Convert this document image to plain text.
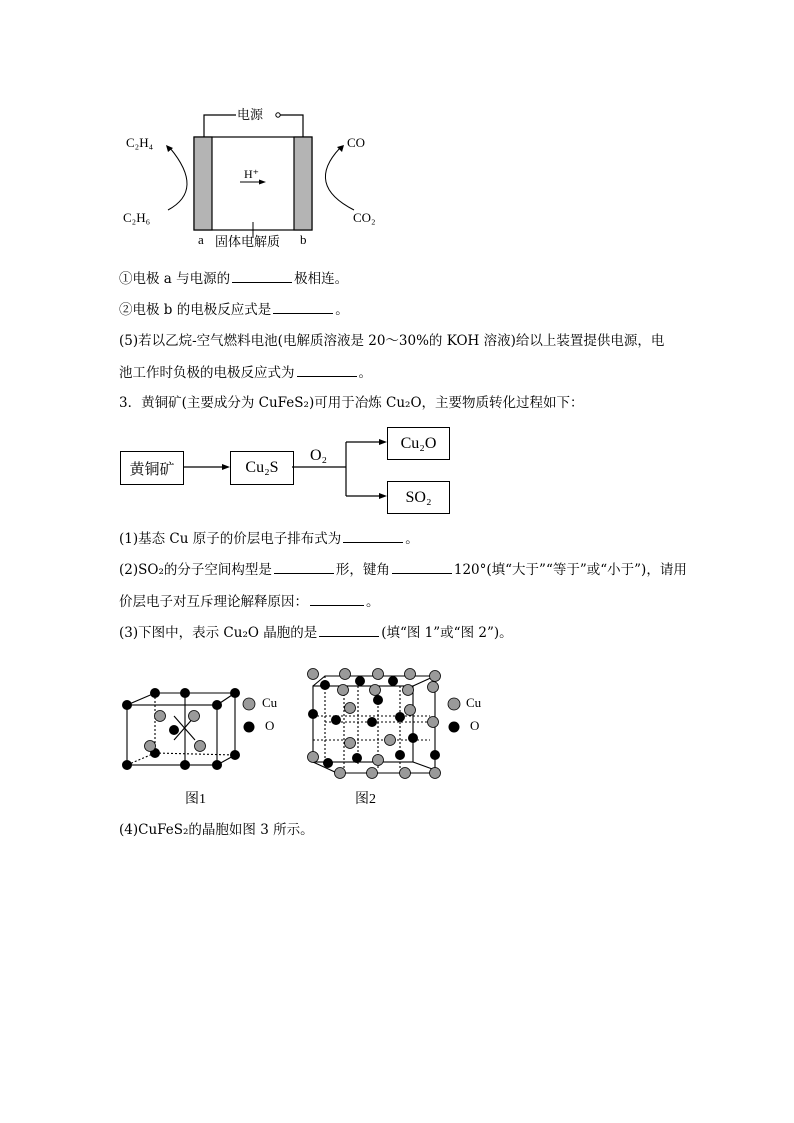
电源
C₂H₄
C₂H₆
CO
CO₂
H⁺
a	b
固体电解质
①电极 a 与电源的	极相连。
②电极 b 的电极反应式是	。
(5)若以乙烷-空气燃料电池(电解质溶液是 20～30%的 KOH 溶液)给以上装置提供电源，电
池工作时负极的电极反应式为	。
3．黄铜矿(主要成分为 CuFeS₂)可用于冶炼 Cu₂O，主要物质转化过程如下：
黄铜矿	Cu₂S
Cu₂O
SO₂
O₂
(1)基态 Cu 原子的价层电子排布式为	。
(2)SO₂的分子空间构型是	形，键角	120°(填“大于”“等于”或“小于”)，请用
价层电子对互斥理论解释原因：	。
(3)下图中，表示 Cu₂O 晶胞的是	(填“图 1”或“图 2”)。
Cu
O
Cu
O
图1	图2
(4)CuFeS₂的晶胞如图 3 所示。
